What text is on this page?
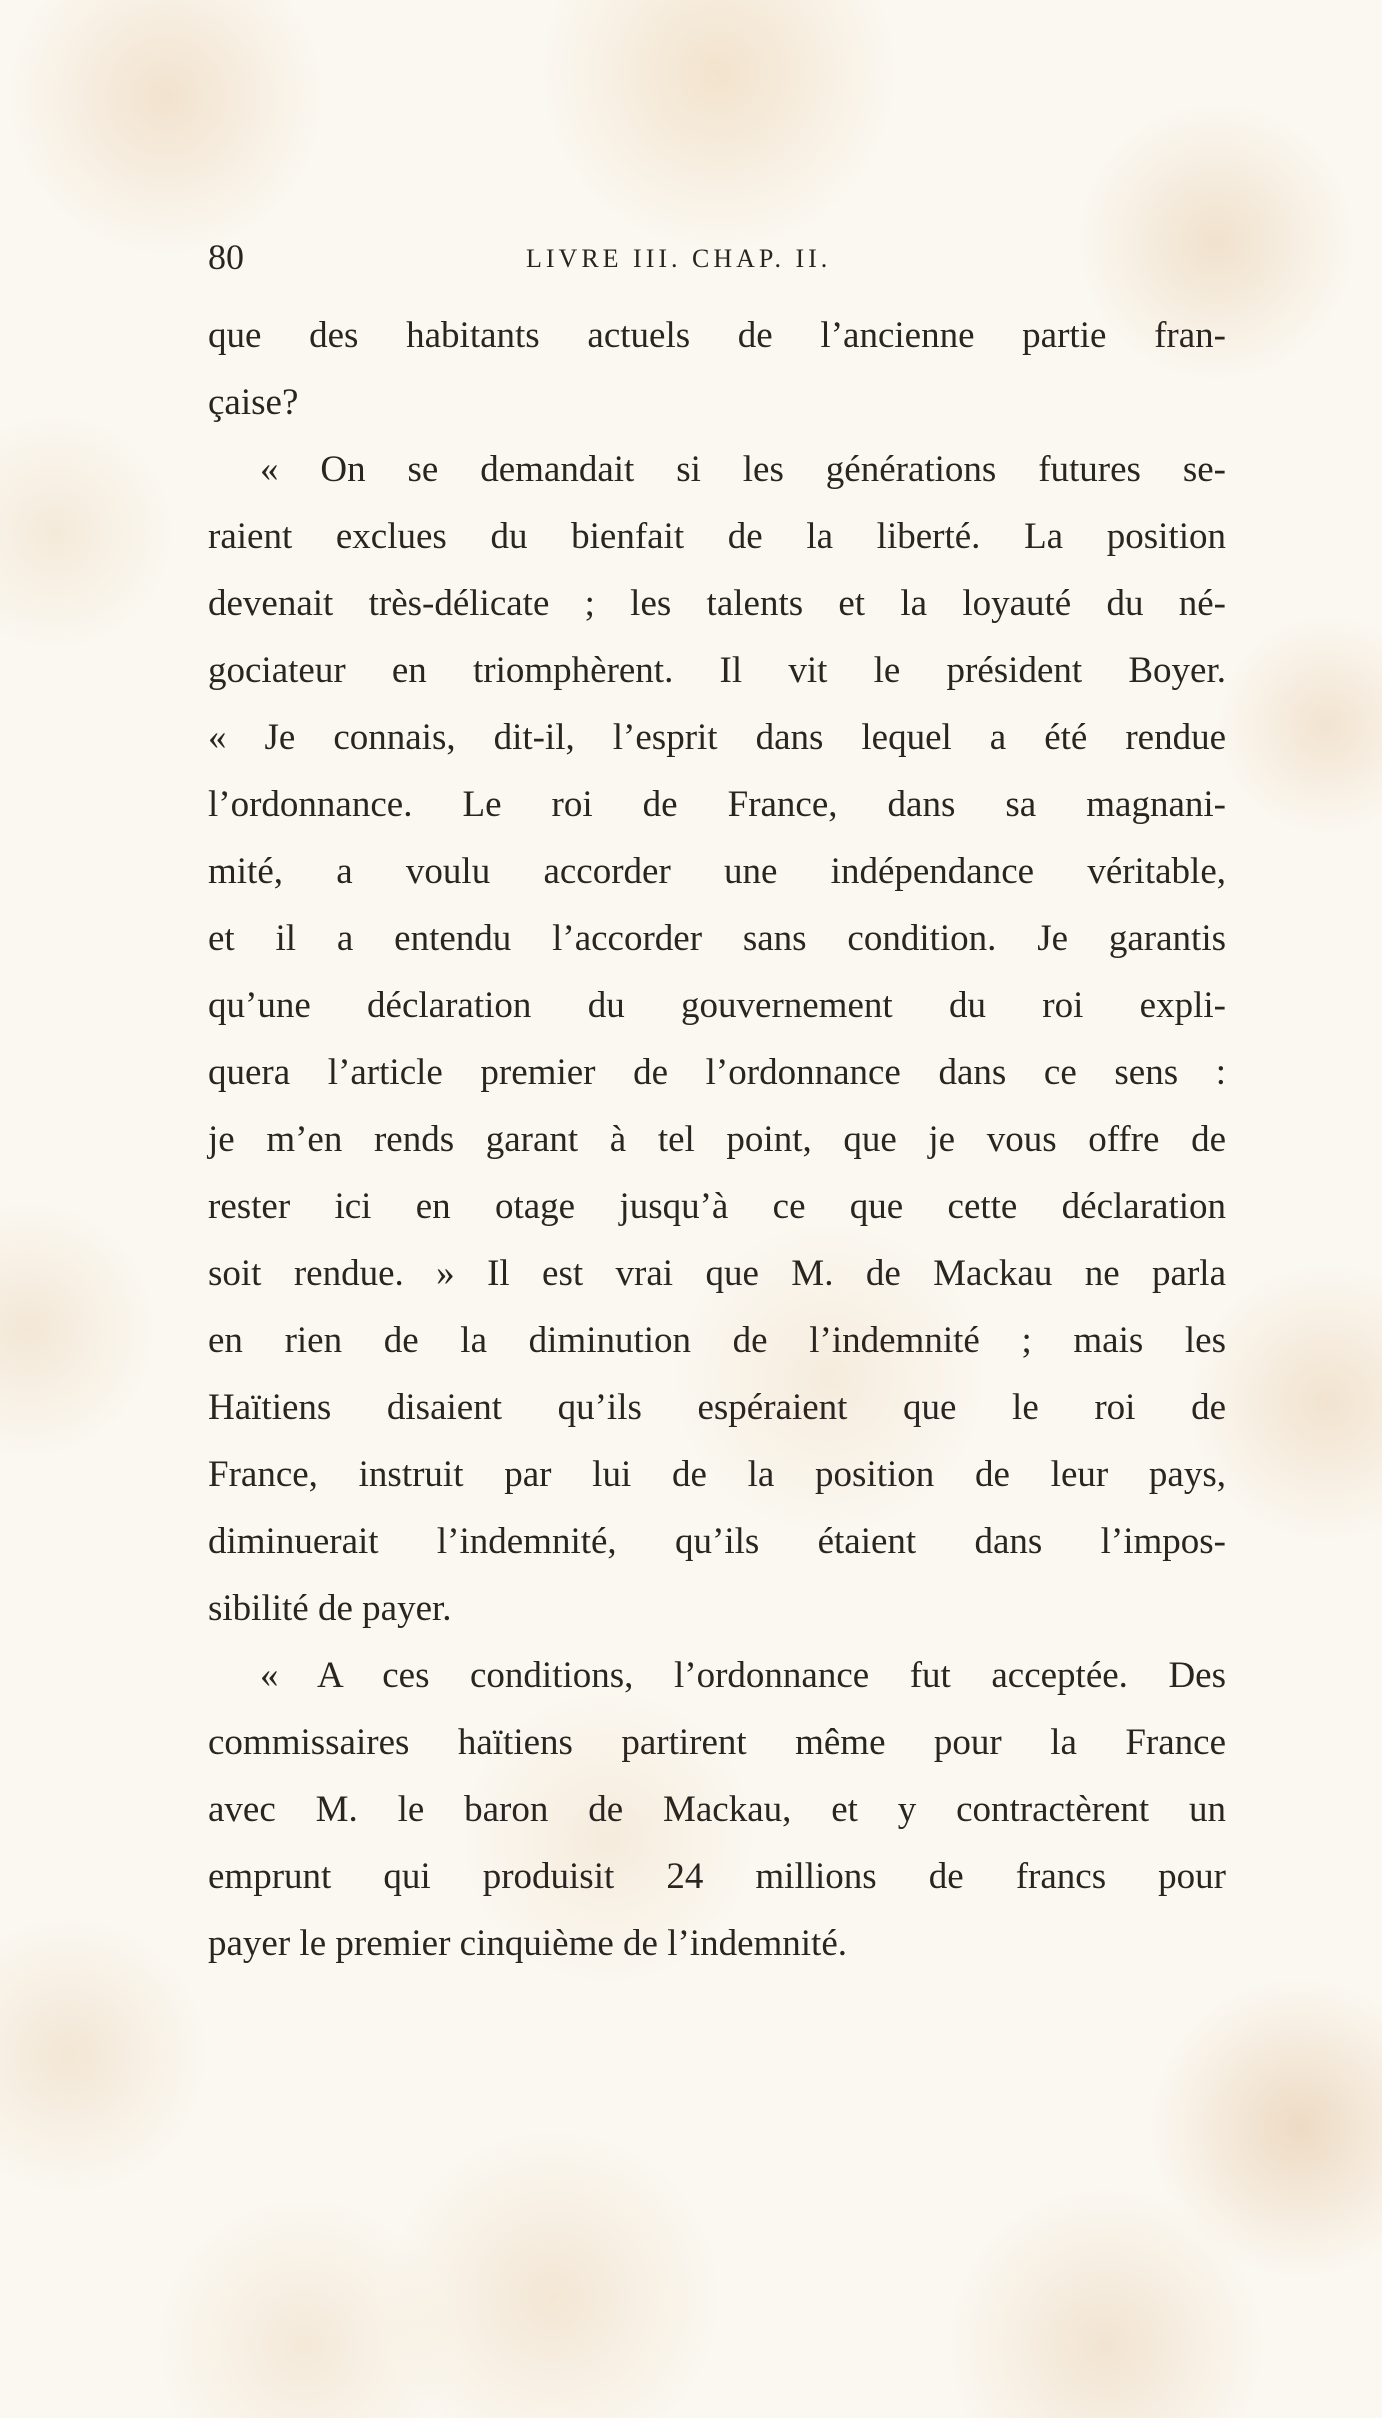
80	LIVRE III. CHAP. II.
que des habitants actuels de l’ancienne partie fran-
çaise?
« On se demandait si les générations futures se-
raient exclues du bienfait de la liberté. La position
devenait très-délicate ; les talents et la loyauté du né-
gociateur en triomphèrent. Il vit le président Boyer.
« Je connais, dit-il, l’esprit dans lequel a été rendue
l’ordonnance. Le roi de France, dans sa magnani-
mité, a voulu accorder une indépendance véritable,
et il a entendu l’accorder sans condition. Je garantis
qu’une déclaration du gouvernement du roi expli-
quera l’article premier de l’ordonnance dans ce sens :
je m’en rends garant à tel point, que je vous offre de
rester ici en otage jusqu’à ce que cette déclaration
soit rendue. » Il est vrai que M. de Mackau ne parla
en rien de la diminution de l’indemnité ; mais les
Haïtiens disaient qu’ils espéraient que le roi de
France, instruit par lui de la position de leur pays,
diminuerait l’indemnité, qu’ils étaient dans l’impos-
sibilité de payer.
« A ces conditions, l’ordonnance fut acceptée. Des
commissaires haïtiens partirent même pour la France
avec M. le baron de Mackau, et y contractèrent un
emprunt qui produisit 24 millions de francs pour
payer le premier cinquième de l’indemnité.
